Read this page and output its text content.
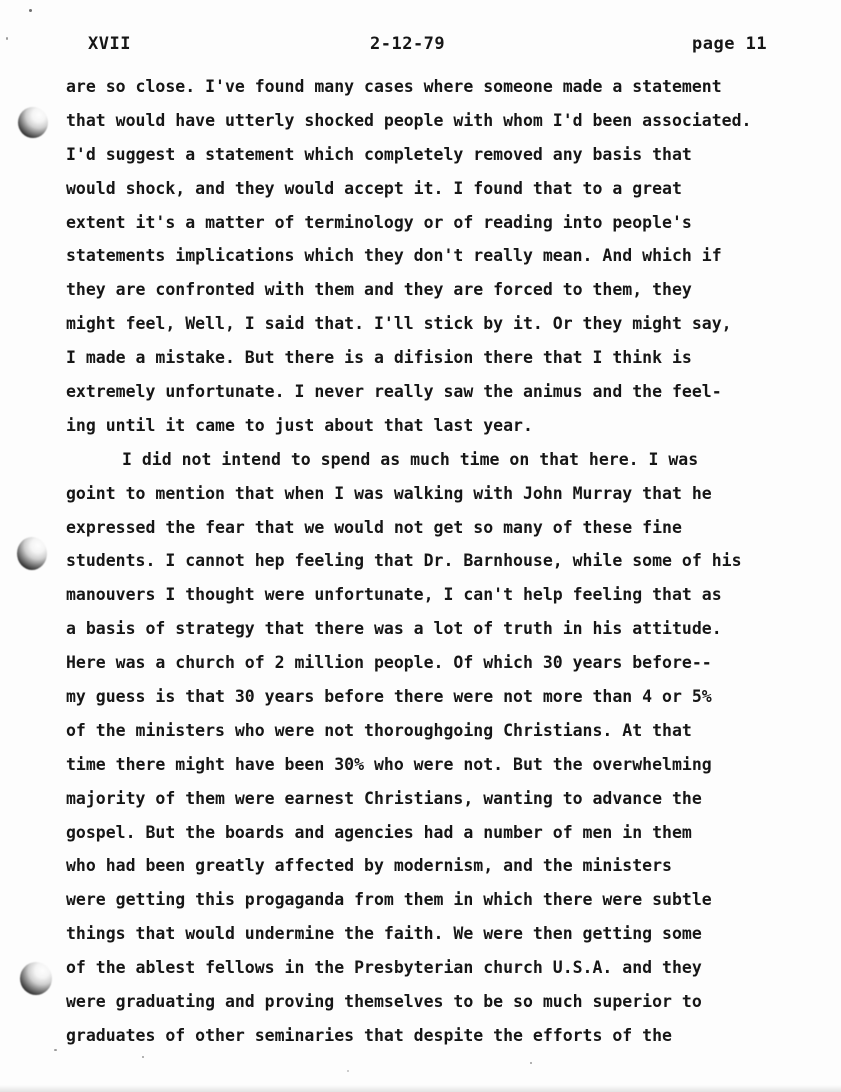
XVII	2-12-79	page 11
are so close. I've found many cases where someone made a statement
that would have utterly shocked people with whom I'd been associated.
I'd suggest a statement which completely removed any basis that
would shock, and they would accept it. I found that to a great
extent it's a matter of terminology or of reading into people's
statements implications which they don't really mean. And which if
they are confronted with them and they are forced to them, they
might feel, Well, I said that. I'll stick by it. Or they might say,
I made a mistake. But there is a difision there that I think is
extremely unfortunate. I never really saw the animus and the feel-
ing until it came to just about that last year.
I did not intend to spend as much time on that here. I was
goint to mention that when I was walking with John Murray that he
expressed the fear that we would not get so many of these fine
students. I cannot hep feeling that Dr. Barnhouse, while some of his
manouvers I thought were unfortunate, I can't help feeling that as
a basis of strategy that there was a lot of truth in his attitude.
Here was a church of 2 million people. Of which 30 years before--
my guess is that 30 years before there were not more than 4 or 5%
of the ministers who were not thoroughgoing Christians. At that
time there might have been 30% who were not. But the overwhelming
majority of them were earnest Christians, wanting to advance the
gospel. But the boards and agencies had a number of men in them
who had been greatly affected by modernism, and the ministers
were getting this progaganda from them in which there were subtle
things that would undermine the faith. We were then getting some
of the ablest fellows in the Presbyterian church U.S.A. and they
were graduating and proving themselves to be so much superior to
graduates of other seminaries that despite the efforts of the
